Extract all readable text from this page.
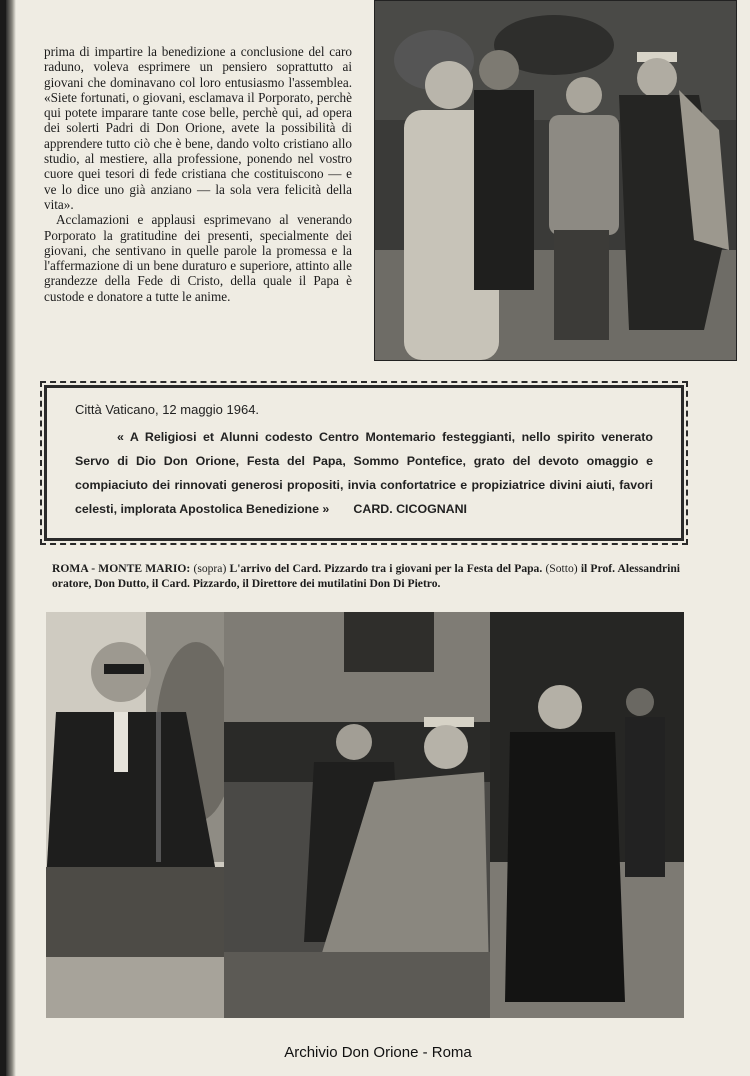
prima di impartire la benedizione a conclusione del caro raduno, voleva esprimere un pensiero soprattutto ai giovani che dominavano col loro entusiasmo l'assemblea. «Siete fortunati, o giovani, esclamava il Porporato, perchè qui potete imparare tante cose belle, perchè qui, ad opera dei solerti Padri di Don Orione, avete la possibilità di apprendere tutto ciò che è bene, dando volto cristiano allo studio, al mestiere, alla professione, ponendo nel vostro cuore quei tesori di fede cristiana che costituiscono — e ve lo dice uno già anziano — la sola vera felicità della vita».

Acclamazioni e applausi esprimevano al venerando Porporato la gratitudine dei presenti, specialmente dei giovani, che sentivano in quelle parole la promessa e la l'affermazione di un bene duraturo e superiore, attinto alle grandezze della Fede di Cristo, della quale il Papa è custode e donatore a tutte le anime.

Città Vaticano, 12 maggio 1964.
« A Religiosi et Alunni codesto Centro Montemario festeggianti, nello spirito venerato Servo di Dio Don Orione, Festa del Papa, Sommo Pontefice, grato del devoto omaggio e compiaciuto dei rinnovati generosi propositi, invia confortatrice e propiziatrice divini aiuti, favori celesti, implorata Apostolica Benedizione » CARD. CICOGNANI
ROMA - MONTE MARIO: (sopra) L'arrivo del Card. Pizzardo tra i giovani per la Festa del Papa. (Sotto) il Prof. Alessandrini oratore, Don Dutto, il Card. Pizzardo, il Direttore dei mutilatini Don Di Pietro.
Archivio Don Orione - Roma
